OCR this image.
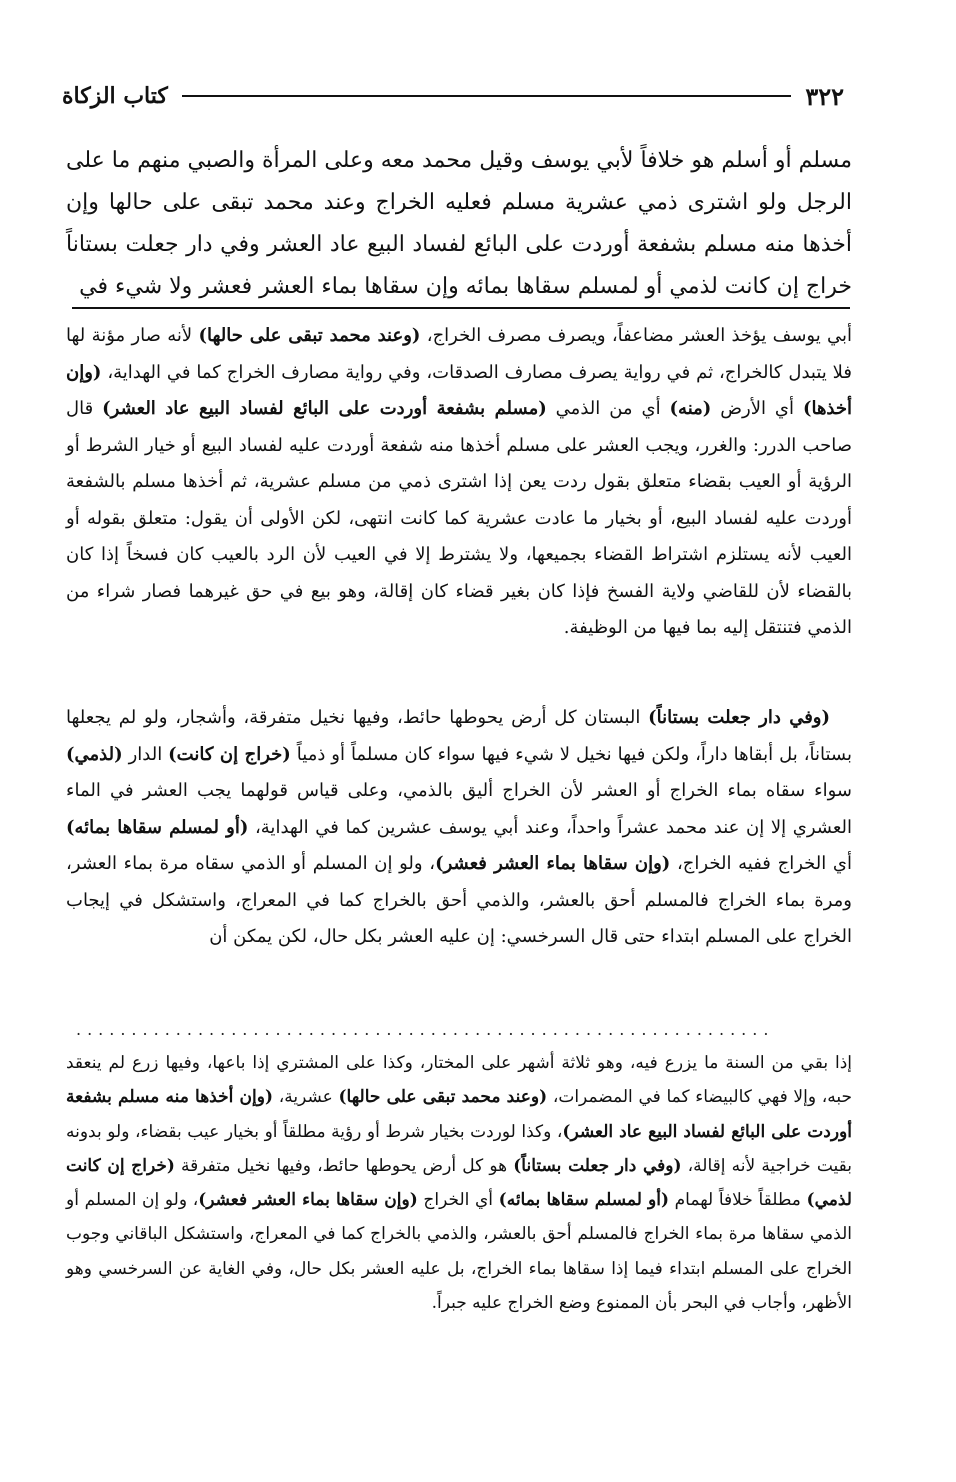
٣٢٢
كتاب الزكاة

مسلم أو أسلم هو خلافاً لأبي يوسف وقيل محمد معه وعلى المرأة والصبي منهم ما على الرجل ولو اشترى ذمي عشرية مسلم فعليه الخراج وعند محمد تبقى على حالها وإن أخذها منه مسلم بشفعة أوردت على البائع لفساد البيع عاد العشر وفي دار جعلت بستاناً خراج إن كانت لذمي أو لمسلم سقاها بمائه وإن سقاها بماء العشر فعشر ولا شيء في

أبي يوسف يؤخذ العشر مضاعفاً، ويصرف مصرف الخراج، (وعند محمد تبقى على حالها) لأنه صار مؤنة لها فلا يتبدل كالخراج، ثم في رواية يصرف مصارف الصدقات، وفي رواية مصارف الخراج كما في الهداية، (وإن أخذها) أي الأرض (منه) أي من الذمي (مسلم بشفعة أوردت على البائع لفساد البيع عاد العشر) قال صاحب الدرر: والغرر، ويجب العشر على مسلم أخذها منه شفعة أوردت عليه لفساد البيع أو خيار الشرط أو الرؤية أو العيب بقضاء متعلق بقول ردت يعن إذا اشترى ذمي من مسلم عشرية، ثم أخذها مسلم بالشفعة أوردت عليه لفساد البيع، أو بخيار ما عادت عشرية كما كانت انتهى، لكن الأولى أن يقول: متعلق بقوله أو العيب لأنه يستلزم اشتراط القضاء بجميعها، ولا يشترط إلا في العيب لأن الرد بالعيب كان فسخاً إذا كان بالقضاء لأن للقاضي ولاية الفسخ فإذا كان بغير قضاء كان إقالة، وهو بيع في حق غيرهما فصار شراء من الذمي فتنتقل إليه بما فيها من الوظيفة.

(وفي دار جعلت بستاناً) البستان كل أرض يحوطها حائط، وفيها نخيل متفرقة، وأشجار، ولو لم يجعلها بستاناً، بل أبقاها داراً، ولكن فيها نخيل لا شيء فيها سواء كان مسلماً أو ذمياً (خراج إن كانت) الدار (لذمي) سواء سقاه بماء الخراج أو العشر لأن الخراج أليق بالذمي، وعلى قياس قولهما يجب العشر في الماء العشري إلا إن عند محمد عشراً واحداً، وعند أبي يوسف عشرين كما في الهداية، (أو لمسلم سقاها بمائه) أي الخراج ففيه الخراج، (وإن سقاها بماء العشر فعشر)، ولو إن المسلم أو الذمي سقاه مرة بماء العشر، ومرة بماء الخراج فالمسلم أحق بالعشر، والذمي أحق بالخراج كما في المعراج، واستشكل في إيجاب الخراج على المسلم ابتداء حتى قال السرخسي: إن عليه العشر بكل حال، لكن يمكن أن

...............................................................

إذا بقي من السنة ما يزرع فيه، وهو ثلاثة أشهر على المختار، وكذا على المشتري إذا باعها، وفيها زرع لم ينعقد حبه، وإلا فهي كالبيضاء كما في المضمرات، (وعند محمد تبقى على حالها) عشرية، (وإن أخذها منه مسلم بشفعة أوردت على البائع لفساد البيع عاد العشر)، وكذا لوردت بخيار شرط أو رؤية مطلقاً أو بخيار عيب بقضاء، ولو بدونه بقيت خراجية لأنه إقالة، (وفي دار جعلت بستاناً) هو كل أرض يحوطها حائط، وفيها نخيل متفرقة (خراج إن كانت لذمي) مطلقاً خلافاً لهمام (أو لمسلم سقاها بمائه) أي الخراج (وإن سقاها بماء العشر فعشر)، ولو إن المسلم أو الذمي سقاها مرة بماء الخراج فالمسلم أحق بالعشر، والذمي بالخراج كما في المعراج، واستشكل الباقاني وجوب الخراج على المسلم ابتداء فيما إذا سقاها بماء الخراج، بل عليه العشر بكل حال، وفي الغاية عن السرخسي وهو الأظهر، وأجاب في البحر بأن الممنوع وضع الخراج عليه جبراً.
